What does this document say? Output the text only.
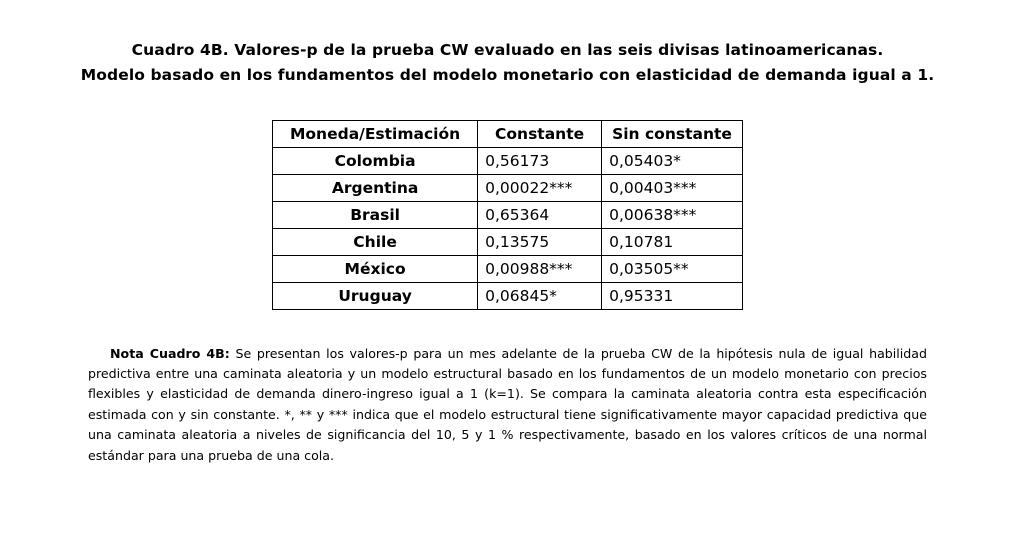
Cuadro 4B. Valores-p de la prueba CW evaluado en las seis divisas latinoamericanas.
Modelo basado en los fundamentos del modelo monetario con elasticidad de demanda igual a 1.
Moneda/Estimación	Constante	Sin constante
Colombia	0,56173	0,05403*
Argentina	0,00022***	0,00403***
Brasil	0,65364	0,00638***
Chile	0,13575	0,10781
México	0,00988***	0,03505**
Uruguay	0,06845*	0,95331
Nota Cuadro 4B: Se presentan los valores-p para un mes adelante de la prueba CW de la hipótesis nula de igual habilidad predictiva entre una caminata aleatoria y un modelo estructural basado en los fundamentos de un modelo monetario con precios flexibles y elasticidad de demanda dinero-ingreso igual a 1 (k=1). Se compara la caminata aleatoria contra esta especificación estimada con y sin constante. *, ** y *** indica que el modelo estructural tiene significativamente mayor capacidad predictiva que una caminata aleatoria a niveles de significancia del 10, 5 y 1 % respectivamente, basado en los valores críticos de una normal estándar para una prueba de una cola.
